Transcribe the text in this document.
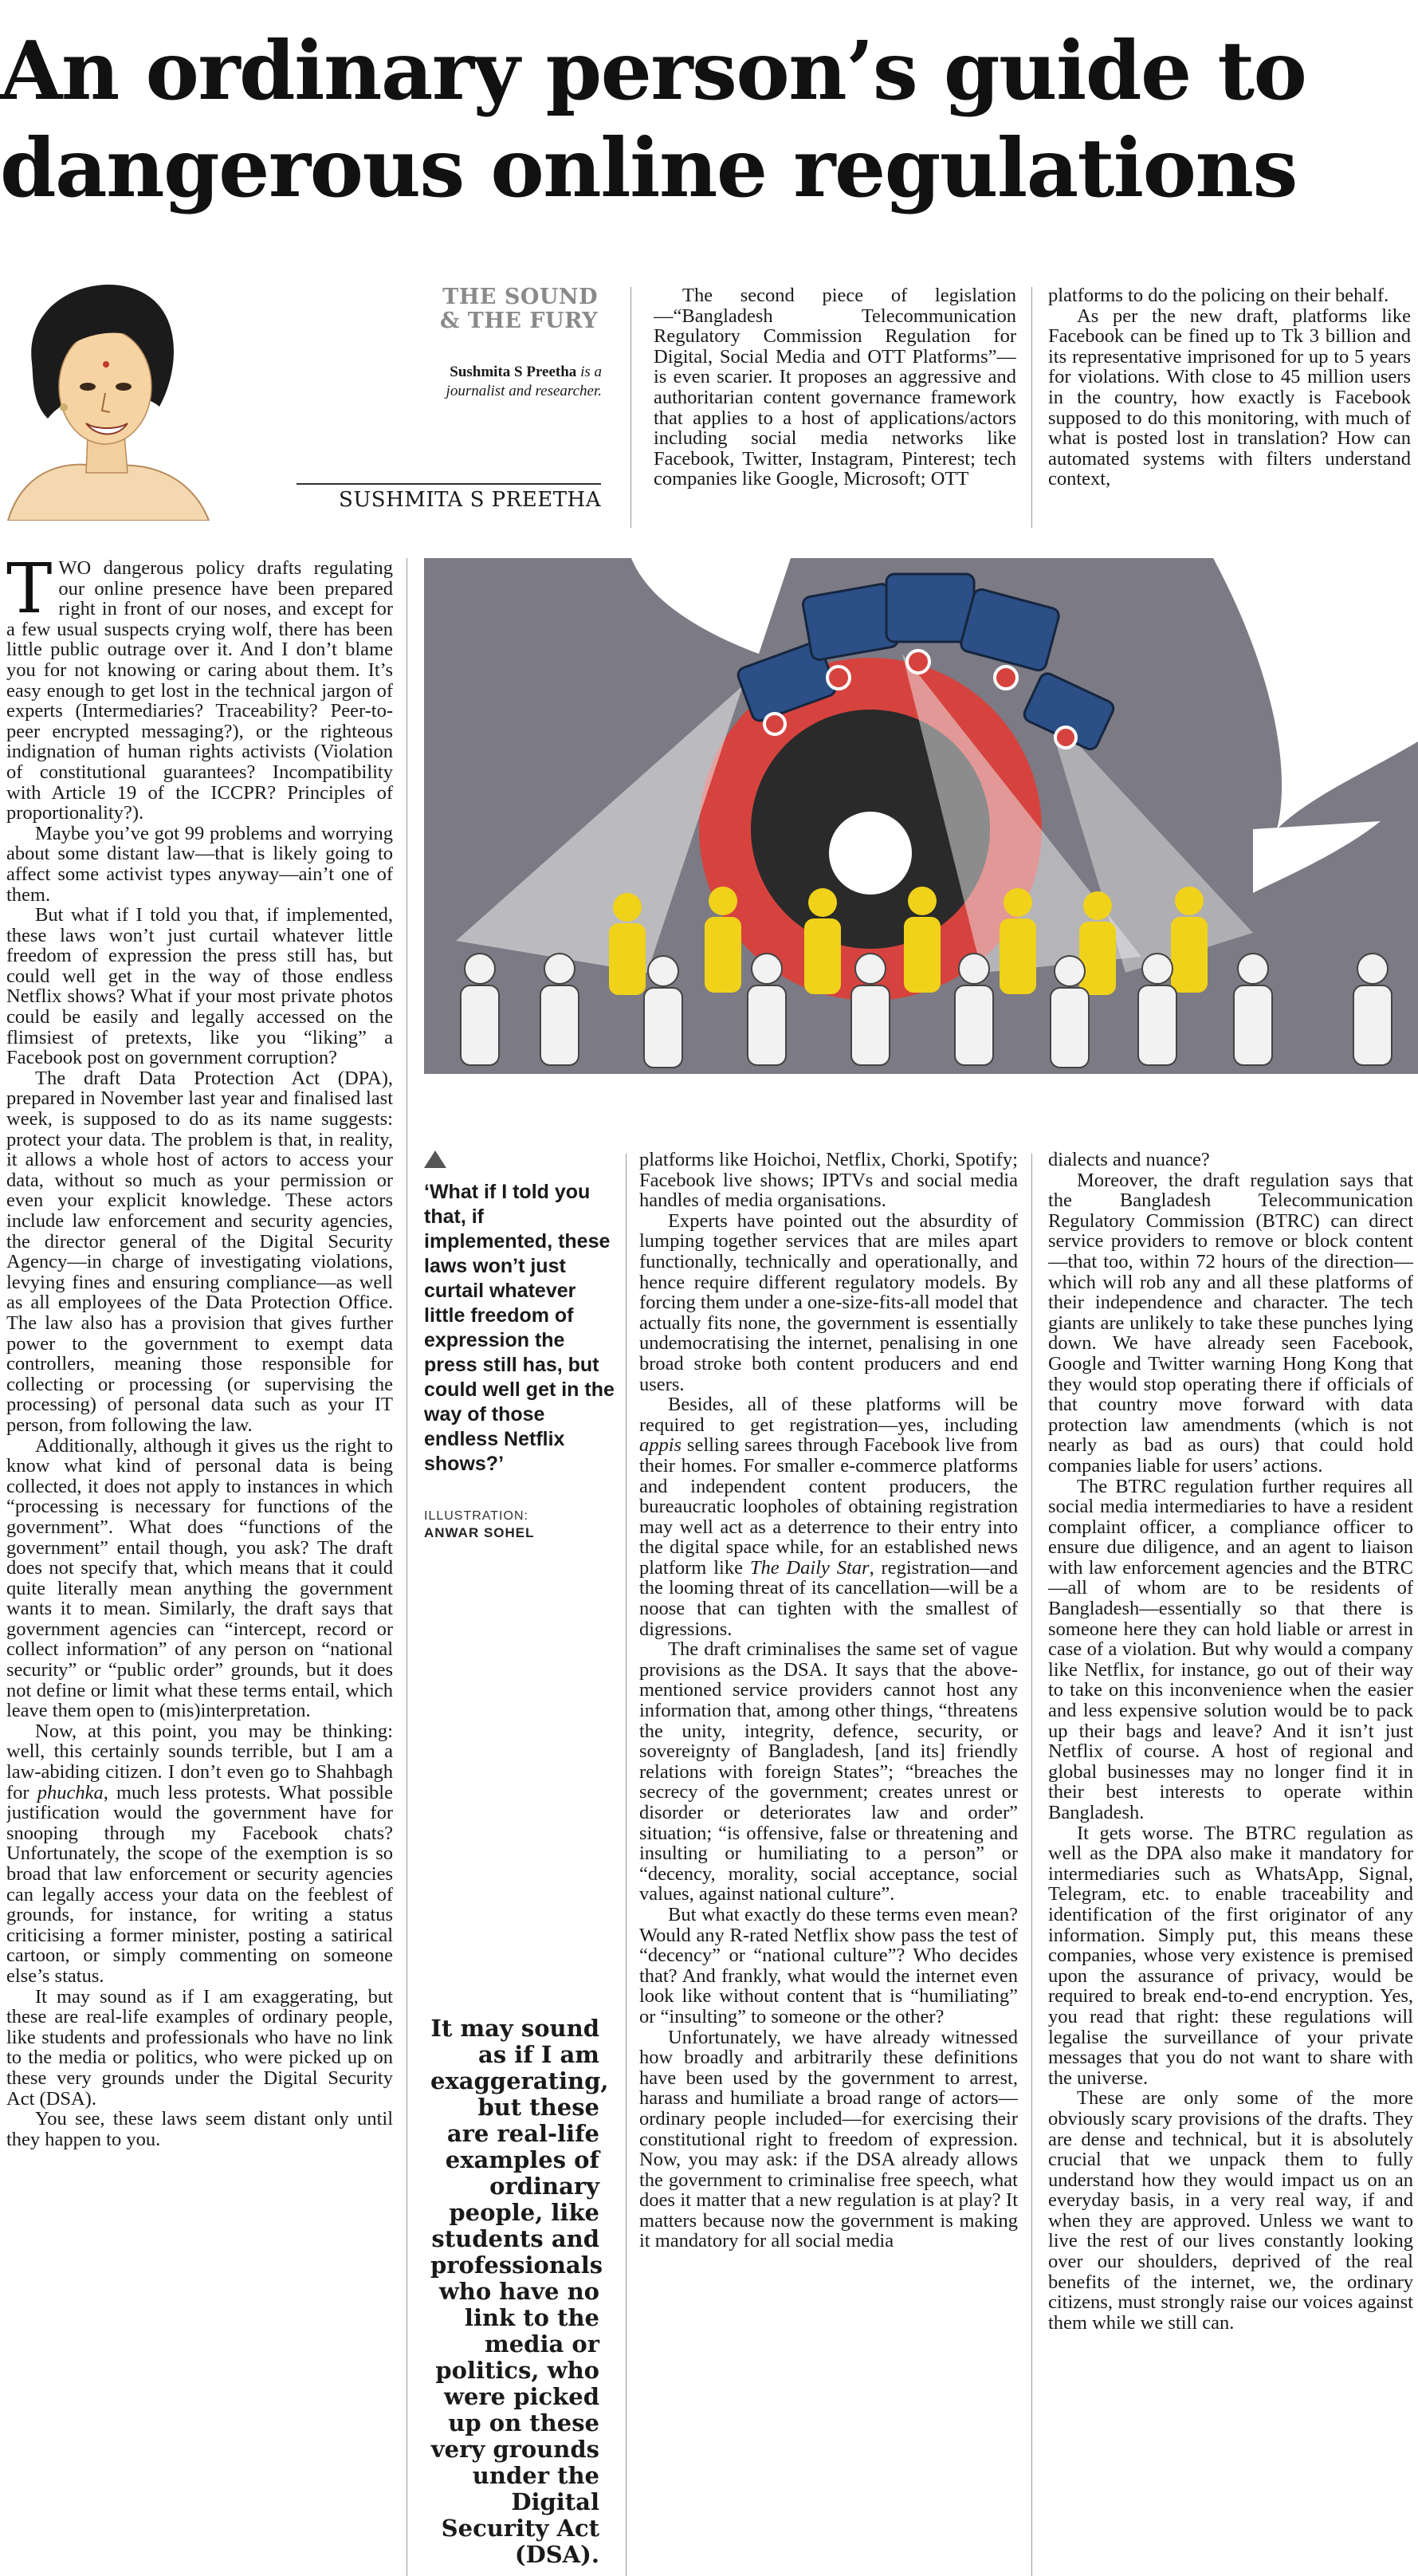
An ordinary person’s guide to
dangerous online regulations
THE SOUND
& THE FURY
Sushmita S Preetha is a journalist and researcher.
SUSHMITA S PREETHA

The second piece of legislation—“Bangladesh Telecommunication Regulatory Commission Regulation for Digital, Social Media and OTT Platforms”—is even scarier. It proposes an aggressive and authoritarian content governance framework that applies to a host of applications/actors including social media networks like Facebook, Twitter, Instagram, Pinterest; tech companies like Google, Microsoft; OTT

platforms to do the policing on their behalf.

As per the new draft, platforms like Facebook can be fined up to Tk 3 billion and its representative imprisoned for up to 5 years for violations. With close to 45 million users in the country, how exactly is Facebook supposed to do this monitoring, with much of what is posted lost in translation? How can automated systems with filters understand context,

TWO dangerous policy drafts regulating our online presence have been prepared right in front of our noses, and except for a few usual suspects crying wolf, there has been little public outrage over it. And I don’t blame you for not knowing or caring about them. It’s easy enough to get lost in the technical jargon of experts (Intermediaries? Traceability? Peer-to-peer encrypted messaging?), or the righteous indignation of human rights activists (Violation of constitutional guarantees? Incompatibility with Article 19 of the ICCPR? Principles of proportionality?).

Maybe you’ve got 99 problems and worrying about some distant law—that is likely going to affect some activist types anyway—ain’t one of them.

But what if I told you that, if implemented, these laws won’t just curtail whatever little freedom of expression the press still has, but could well get in the way of those endless Netflix shows? What if your most private photos could be easily and legally accessed on the flimsiest of pretexts, like you “liking” a Facebook post on government corruption?

The draft Data Protection Act (DPA), prepared in November last year and finalised last week, is supposed to do as its name suggests: protect your data. The problem is that, in reality, it allows a whole host of actors to access your data, without so much as your permission or even your explicit knowledge. These actors include law enforcement and security agencies, the director general of the Digital Security Agency—in charge of investigating violations, levying fines and ensuring compliance—as well as all employees of the Data Protection Office. The law also has a provision that gives further power to the government to exempt data controllers, meaning those responsible for collecting or processing (or supervising the processing) of personal data such as your IT person, from following the law.

Additionally, although it gives us the right to know what kind of personal data is being collected, it does not apply to instances in which “processing is necessary for functions of the government”. What does “functions of the government” entail though, you ask? The draft does not specify that, which means that it could quite literally mean anything the government wants it to mean. Similarly, the draft says that government agencies can “intercept, record or collect information” of any person on “national security” or “public order” grounds, but it does not define or limit what these terms entail, which leave them open to (mis)interpretation.

Now, at this point, you may be thinking: well, this certainly sounds terrible, but I am a law-abiding citizen. I don’t even go to Shahbagh for phuchka, much less protests. What possible justification would the government have for snooping through my Facebook chats? Unfortunately, the scope of the exemption is so broad that law enforcement or security agencies can legally access your data on the feeblest of grounds, for instance, for writing a status criticising a former minister, posting a satirical cartoon, or simply commenting on someone else’s status.

It may sound as if I am exaggerating, but these are real-life examples of ordinary people, like students and professionals who have no link to the media or politics, who were picked up on these very grounds under the Digital Security Act (DSA).

You see, these laws seem distant only until they happen to you.

‘What if I told you that, if implemented, these laws won’t just curtail whatever little freedom of expression the press still has, but could well get in the way of those endless Netflix shows?’
ILLUSTRATION:
ANWAR SOHEL
It may sound as if I am exaggerating, but these are real-life examples of ordinary people, like students and professionals who have no link to the media or politics, who were picked up on these very grounds under the Digital Security Act (DSA).

platforms like Hoichoi, Netflix, Chorki, Spotify; Facebook live shows; IPTVs and social media handles of media organisations.

Experts have pointed out the absurdity of lumping together services that are miles apart functionally, technically and operationally, and hence require different regulatory models. By forcing them under a one-size-fits-all model that actually fits none, the government is essentially undemocratising the internet, penalising in one broad stroke both content producers and end users.

Besides, all of these platforms will be required to get registration—yes, including appis selling sarees through Facebook live from their homes. For smaller e-commerce platforms and independent content producers, the bureaucratic loopholes of obtaining registration may well act as a deterrence to their entry into the digital space while, for an established news platform like The Daily Star, registration—and the looming threat of its cancellation—will be a noose that can tighten with the smallest of digressions.

The draft criminalises the same set of vague provisions as the DSA. It says that the above-mentioned service providers cannot host any information that, among other things, “threatens the unity, integrity, defence, security, or sovereignty of Bangladesh, [and its] friendly relations with foreign States”; “breaches the secrecy of the government; creates unrest or disorder or deteriorates law and order” situation; “is offensive, false or threatening and insulting or humiliating to a person” or “decency, morality, social acceptance, social values, against national culture”.

But what exactly do these terms even mean? Would any R-rated Netflix show pass the test of “decency” or “national culture”? Who decides that? And frankly, what would the internet even look like without content that is “humiliating” or “insulting” to someone or the other?

Unfortunately, we have already witnessed how broadly and arbitrarily these definitions have been used by the government to arrest, harass and humiliate a broad range of actors—ordinary people included—for exercising their constitutional right to freedom of expression. Now, you may ask: if the DSA already allows the government to criminalise free speech, what does it matter that a new regulation is at play? It matters because now the government is making it mandatory for all social media

dialects and nuance?

Moreover, the draft regulation says that the Bangladesh Telecommunication Regulatory Commission (BTRC) can direct service providers to remove or block content—that too, within 72 hours of the direction—which will rob any and all these platforms of their independence and character. The tech giants are unlikely to take these punches lying down. We have already seen Facebook, Google and Twitter warning Hong Kong that they would stop operating there if officials of that country move forward with data protection law amendments (which is not nearly as bad as ours) that could hold companies liable for users’ actions.

The BTRC regulation further requires all social media intermediaries to have a resident complaint officer, a compliance officer to ensure due diligence, and an agent to liaison with law enforcement agencies and the BTRC—all of whom are to be residents of Bangladesh—essentially so that there is someone here they can hold liable or arrest in case of a violation. But why would a company like Netflix, for instance, go out of their way to take on this inconvenience when the easier and less expensive solution would be to pack up their bags and leave? And it isn’t just Netflix of course. A host of regional and global businesses may no longer find it in their best interests to operate within Bangladesh.

It gets worse. The BTRC regulation as well as the DPA also make it mandatory for intermediaries such as WhatsApp, Signal, Telegram, etc. to enable traceability and identification of the first originator of any information. Simply put, this means these companies, whose very existence is premised upon the assurance of privacy, would be required to break end-to-end encryption. Yes, you read that right: these regulations will legalise the surveillance of your private messages that you do not want to share with the universe.

These are only some of the more obviously scary provisions of the drafts. They are dense and technical, but it is absolutely crucial that we unpack them to fully understand how they would impact us on an everyday basis, in a very real way, if and when they are approved. Unless we want to live the rest of our lives constantly looking over our shoulders, deprived of the real benefits of the internet, we, the ordinary citizens, must strongly raise our voices against them while we still can.
